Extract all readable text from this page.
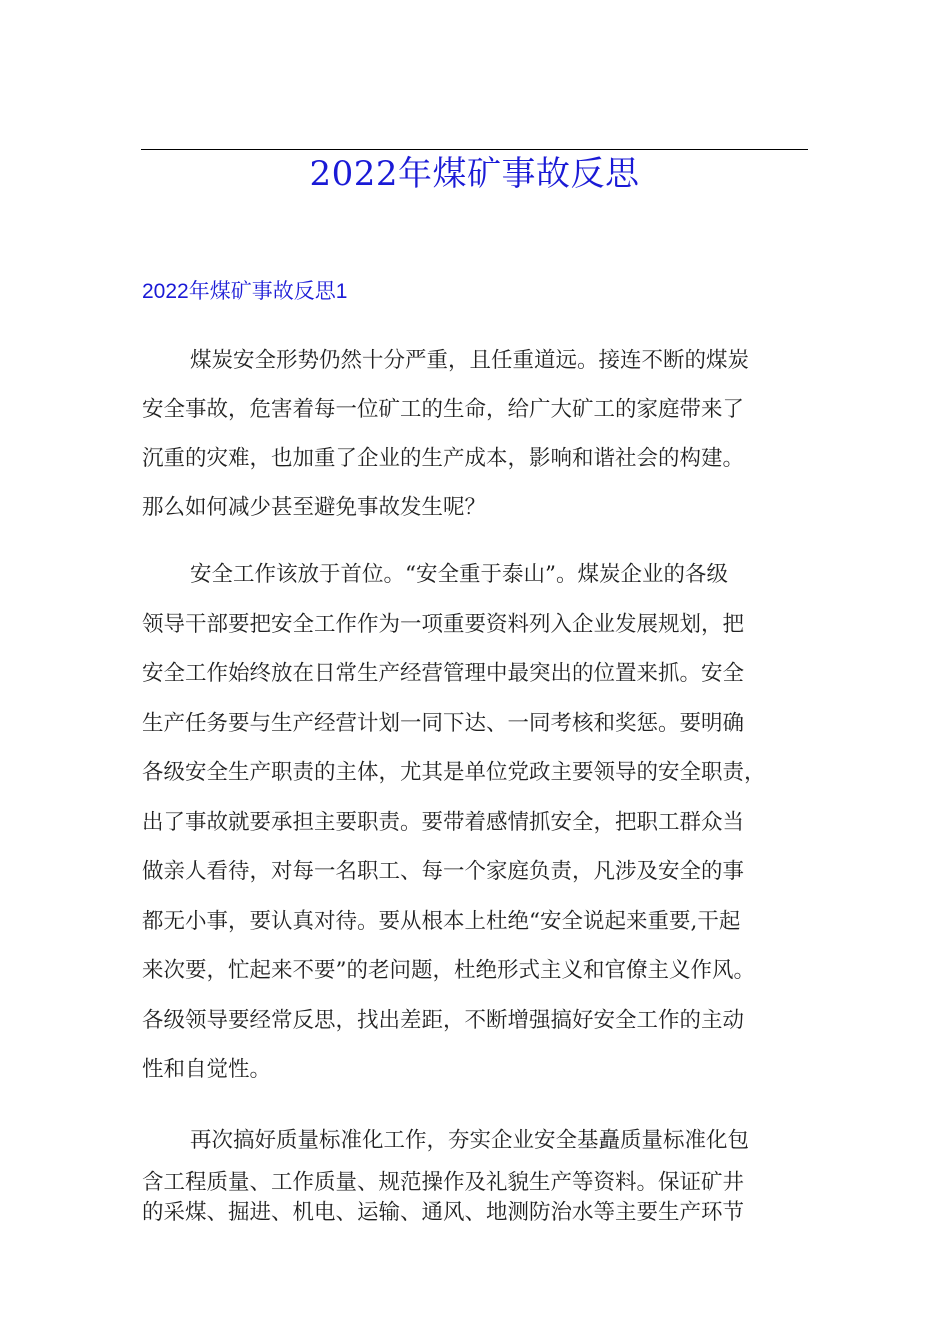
2022年煤矿事故反思
2022年煤矿事故反思1
煤炭安全形势仍然十分严重，且任重道远。接连不断的煤炭
安全事故，危害着每一位矿工的生命，给广大矿工的家庭带来了
沉重的灾难，也加重了企业的生产成本，影响和谐社会的构建。
那么如何减少甚至避免事故发生呢？
安全工作该放于首位。“安全重于泰山”。煤炭企业的各级
领导干部要把安全工作作为一项重要资料列入企业发展规划，把
安全工作始终放在日常生产经营管理中最突出的位置来抓。安全
生产任务要与生产经营计划一同下达、一同考核和奖惩。要明确
各级安全生产职责的主体，尤其是单位党政主要领导的安全职责，
出了事故就要承担主要职责。要带着感情抓安全，把职工群众当
做亲人看待，对每一名职工、每一个家庭负责，凡涉及安全的事
都无小事，要认真对待。要从根本上杜绝“安全说起来重要,干起
来次要，忙起来不要”的老问题，杜绝形式主义和官僚主义作风。
各级领导要经常反思，找出差距，不断增强搞好安全工作的主动
性和自觉性。
再次搞好质量标准化工作，夯实企业安全基矗质量标准化包
含工程质量、工作质量、规范操作及礼貌生产等资料。保证矿井
的采煤、掘进、机电、运输、通风、地测防治水等主要生产环节
